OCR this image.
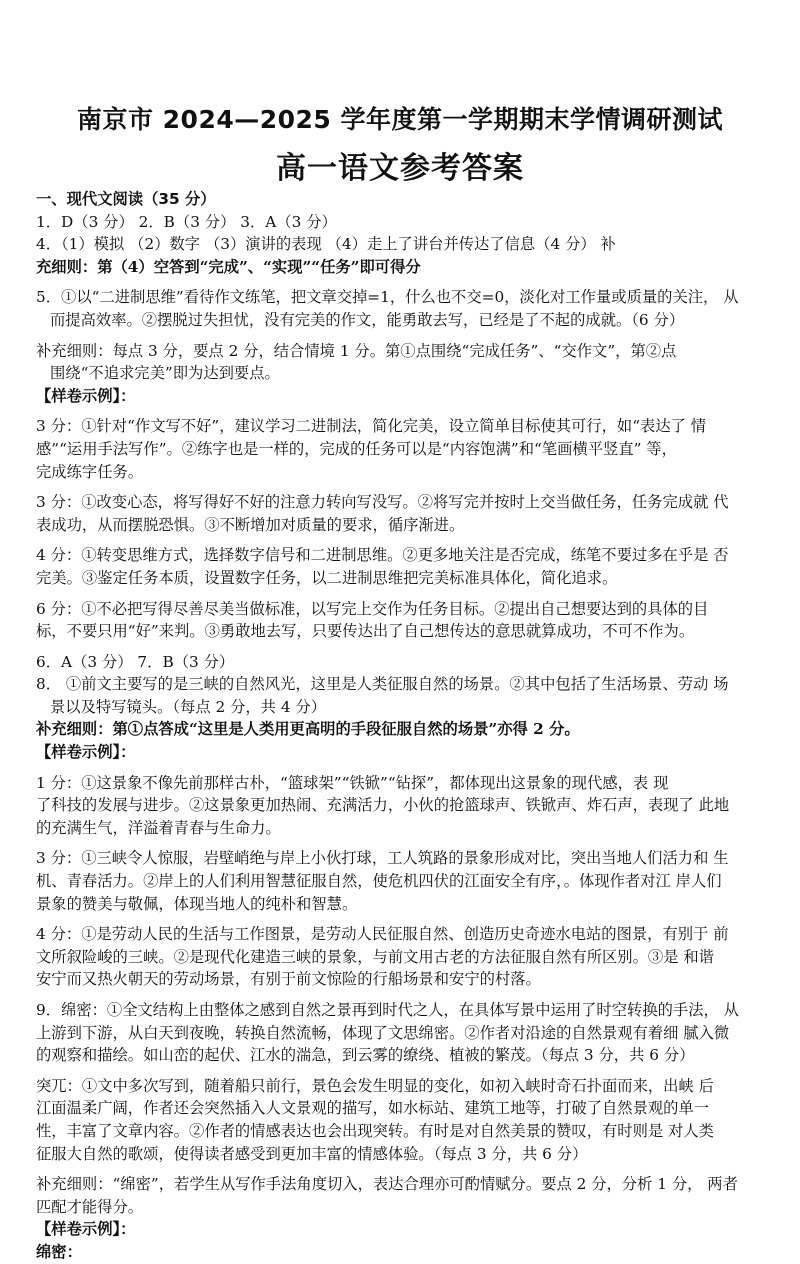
南京市 2024—2025 学年度第一学期期末学情调研测试
高一语文参考答案

一、现代文阅读（35 分）

1．D（3 分） 2．B（3 分） 3．A（3 分）

4．（1）模拟 （2）数字 （3）演讲的表现 （4）走上了讲台并传达了信息（4 分） 补

充细则：第（4）空答到“完成”、“实现”“任务”即可得分

5．①以“二进制思维”看待作文练笔，把文章交掉=1，什么也不交=0，淡化对工作量或质量的关注， 从

而提高效率。②摆脱过失担忧，没有完美的作文，能勇敢去写，已经是了不起的成就。（6 分）

补充细则：每点 3 分，要点 2 分，结合情境 1 分。第①点围绕“完成任务”、“交作文”，第②点

围绕“不追求完美”即为达到要点。

【样卷示例】：

3 分：①针对“作文写不好”，建议学习二进制法，简化完美，设立简单目标使其可行，如“表达了 情

感”“运用手法写作”。②练字也是一样的，完成的任务可以是“内容饱满”和“笔画横平竖直” 等，

完成练字任务。

3 分：①改变心态，将写得好不好的注意力转向写没写。②将写完并按时上交当做任务，任务完成就 代

表成功，从而摆脱恐惧。③不断增加对质量的要求，循序渐进。

4 分：①转变思维方式，选择数字信号和二进制思维。②更多地关注是否完成，练笔不要过多在乎是 否

完美。③鉴定任务本质，设置数字任务，以二进制思维把完美标准具体化，简化追求。

6 分：①不必把写得尽善尽美当做标准，以写完上交作为任务目标。②提出自己想要达到的具体的目

标，不要只用“好”来判。③勇敢地去写，只要传达出了自己想传达的意思就算成功，不可不作为。

6．A（3 分） 7．B（3 分）

8． ①前文主要写的是三峡的自然风光，这里是人类征服自然的场景。②其中包括了生活场景、劳动 场

景以及特写镜头。（每点 2 分，共 4 分）

补充细则：第①点答成“这里是人类用更高明的手段征服自然的场景”亦得 2 分。

【样卷示例】：

1 分：①这景象不像先前那样古朴，“篮球架”“铁锨”“钻探”，都体现出这景象的现代感，表 现

了科技的发展与进步。②这景象更加热闹、充满活力，小伙的抢篮球声、铁锨声、炸石声，表现了 此地

的充满生气，洋溢着青春与生命力。

3 分：①三峡令人惊服，岩壁峭绝与岸上小伙打球，工人筑路的景象形成对比，突出当地人们活力和 生

机、青春活力。②岸上的人们利用智慧征服自然，使危机四伏的江面安全有序，。体现作者对江 岸人们

景象的赞美与敬佩，体现当地人的纯朴和智慧。

4 分：①是劳动人民的生活与工作图景，是劳动人民征服自然、创造历史奇迹水电站的图景，有别于 前

文所叙险峻的三峡。②是现代化建造三峡的景象，与前文用古老的方法征服自然有所区别。③是 和谐

安宁而又热火朝天的劳动场景，有别于前文惊险的行船场景和安宁的村落。

9．绵密：①全文结构上由整体之感到自然之景再到时代之人，在具体写景中运用了时空转换的手法， 从

上游到下游，从白天到夜晚，转换自然流畅，体现了文思绵密。②作者对沿途的自然景观有着细 腻入微

的观察和描绘。如山峦的起伏、江水的湍急，到云雾的缭绕、植被的繁茂。（每点 3 分，共 6 分）

突兀：①文中多次写到，随着船只前行，景色会发生明显的变化，如初入峡时奇石扑面而来，出峡 后

江面温柔广阔，作者还会突然插入人文景观的描写，如水标站、建筑工地等，打破了自然景观的单一

性，丰富了文章内容。②作者的情感表达也会出现突转。有时是对自然美景的赞叹，有时则是 对人类

征服大自然的歌颂，使得读者感受到更加丰富的情感体验。（每点 3 分，共 6 分）

补充细则：“绵密”，若学生从写作手法角度切入，表达合理亦可酌情赋分。要点 2 分，分析 1 分， 两者

匹配才能得分。

【样卷示例】：

绵密：
